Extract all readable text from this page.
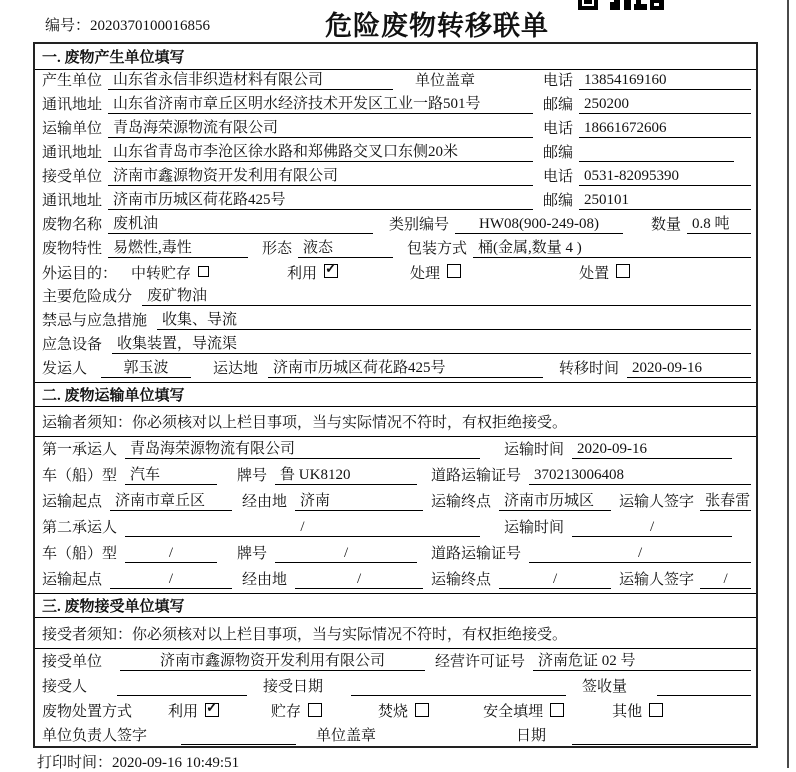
编号：2020370100016856	危险废物转移联单
一. 废物产生单位填写
产生单位 山东省永信非织造材料有限公司	单位盖章	电话 13854169160
通讯地址 山东省济南市章丘区明水经济技术开发区工业一路501号	邮编 250200
运输单位 青岛海荣源物流有限公司	电话 18661672606
通讯地址 山东省青岛市李沧区徐水路和郑佛路交叉口东侧20米	邮编
接受单位 济南市鑫源物资开发利用有限公司	电话 0531-82095390
通讯地址 济南市历城区荷花路425号	邮编 250101
废物名称 废机油	类别编号	HW08(900-249-08)	数量 0.8 吨
废物特性 易燃性,毒性	形态 液态	包装方式 桶(金属,数量 4 )
外运目的： 中转贮存	利用 ✓	处理	处置
主要危险成分	废矿物油
禁忌与应急措施	收集、导流
应急设备	收集装置，导流渠
发运人	郭玉波	运达地	济南市历城区荷花路425号	转移时间 2020-09-16
二. 废物运输单位填写
运输者须知：你必须核对以上栏目事项，当与实际情况不符时，有权拒绝接受。
第一承运人 青岛海荣源物流有限公司	运输时间 2020-09-16
车（船）型 汽车	牌号 鲁 UK8120	道路运输证号 370213006408
运输起点 济南市章丘区	经由地 济南	运输终点 济南市历城区	运输人签字 张春雷
第二承运人	/	运输时间	/
车（船）型	/	牌号	/	道路运输证号	/
运输起点	/	经由地	/	运输终点	/	运输人签字	/
三. 废物接受单位填写
接受者须知：你必须核对以上栏目事项，当与实际情况不符时，有权拒绝接受。
接受单位	济南市鑫源物资开发利用有限公司	经营许可证号 济南危证 02 号
接受人	接受日期	签收量
废物处置方式 利用 ✓	贮存	焚烧	安全填埋	其他
单位负责人签字	单位盖章	日期
打印时间：2020-09-16 10:49:51
